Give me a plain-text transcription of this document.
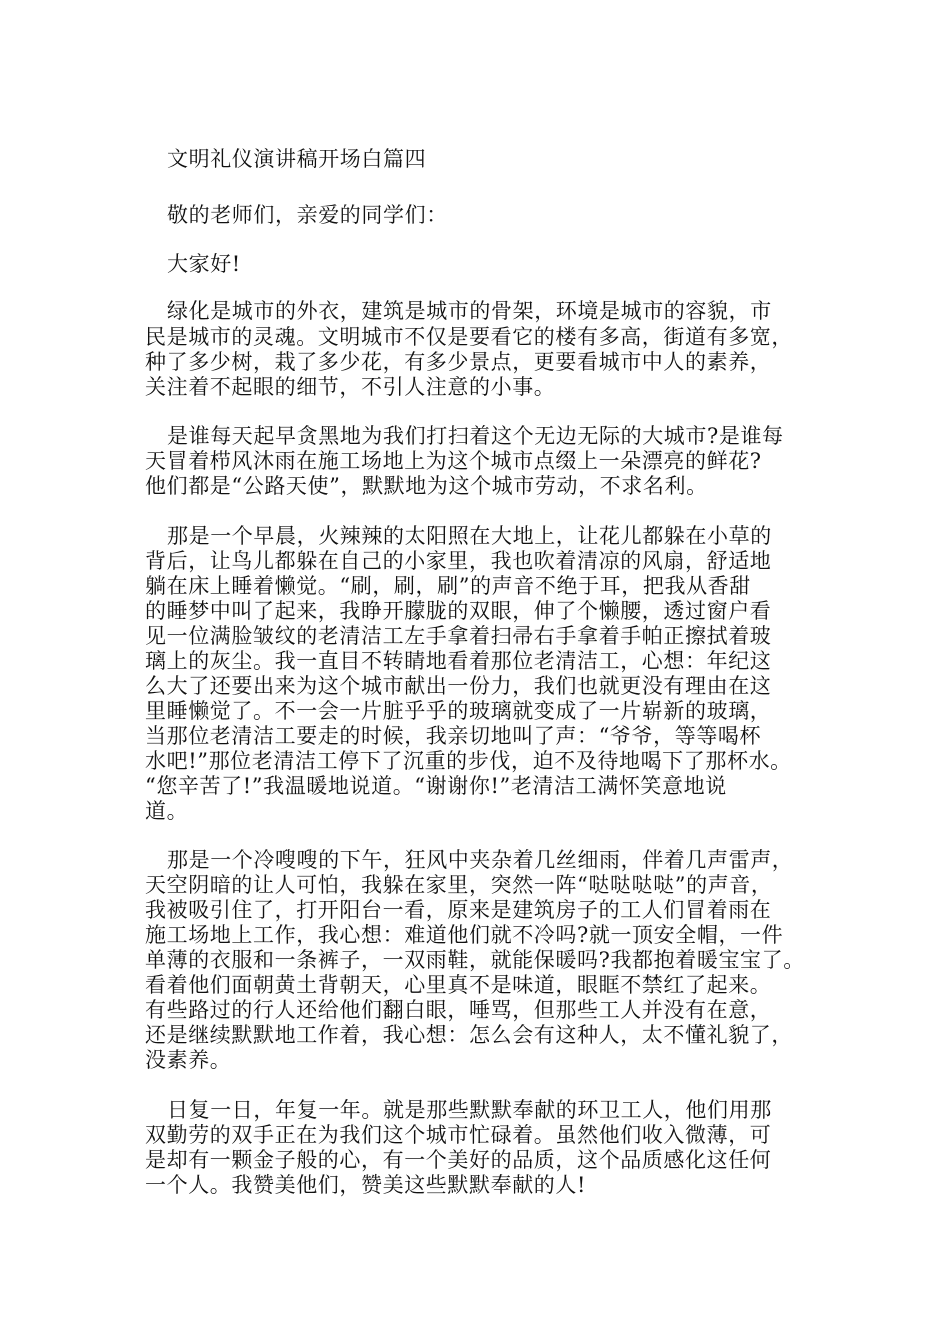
文明礼仪演讲稿开场白篇四
敬的老师们，亲爱的同学们：
大家好!
绿化是城市的外衣，建筑是城市的骨架，环境是城市的容貌，市
民是城市的灵魂。文明城市不仅是要看它的楼有多高，街道有多宽，
种了多少树，栽了多少花，有多少景点，更要看城市中人的素养，
关注着不起眼的细节，不引人注意的小事。
是谁每天起早贪黑地为我们打扫着这个无边无际的大城市?是谁每
天冒着栉风沐雨在施工场地上为这个城市点缀上一朵漂亮的鲜花?
他们都是“公路天使”，默默地为这个城市劳动，不求名利。
那是一个早晨，火辣辣的太阳照在大地上，让花儿都躲在小草的
背后，让鸟儿都躲在自己的小家里，我也吹着清凉的风扇，舒适地
躺在床上睡着懒觉。“刷，刷，刷”的声音不绝于耳，把我从香甜
的睡梦中叫了起来，我睁开朦胧的双眼，伸了个懒腰，透过窗户看
见一位满脸皱纹的老清洁工左手拿着扫帚右手拿着手帕正擦拭着玻
璃上的灰尘。我一直目不转睛地看着那位老清洁工，心想：年纪这
么大了还要出来为这个城市献出一份力，我们也就更没有理由在这
里睡懒觉了。不一会一片脏乎乎的玻璃就变成了一片崭新的玻璃，
当那位老清洁工要走的时候，我亲切地叫了声：“爷爷，等等喝杯
水吧!”那位老清洁工停下了沉重的步伐，迫不及待地喝下了那杯水。
“您辛苦了!”我温暖地说道。“谢谢你!”老清洁工满怀笑意地说
道。
那是一个冷嗖嗖的下午，狂风中夹杂着几丝细雨，伴着几声雷声，
天空阴暗的让人可怕，我躲在家里，突然一阵“哒哒哒哒”的声音，
我被吸引住了，打开阳台一看，原来是建筑房子的工人们冒着雨在
施工场地上工作，我心想：难道他们就不冷吗?就一顶安全帽，一件
单薄的衣服和一条裤子，一双雨鞋，就能保暖吗?我都抱着暖宝宝了。
看着他们面朝黄土背朝天，心里真不是味道，眼眶不禁红了起来。
有些路过的行人还给他们翻白眼，唾骂，但那些工人并没有在意，
还是继续默默地工作着，我心想：怎么会有这种人，太不懂礼貌了，
没素养。
日复一日，年复一年。就是那些默默奉献的环卫工人，他们用那
双勤劳的双手正在为我们这个城市忙碌着。虽然他们收入微薄，可
是却有一颗金子般的心，有一个美好的品质，这个品质感化这任何
一个人。我赞美他们，赞美这些默默奉献的人!
